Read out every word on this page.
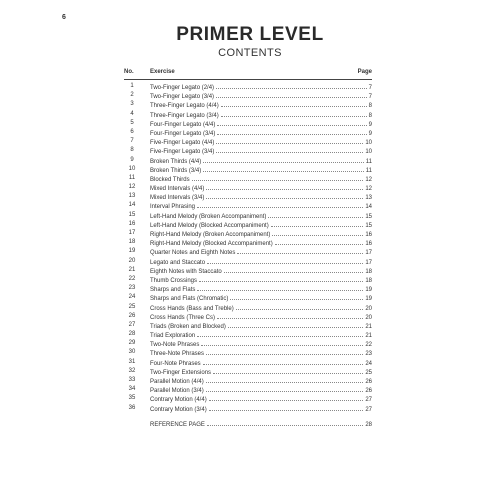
6
PRIMER LEVEL
CONTENTS
No.	Exercise	Page
1	Two-Finger Legato (2/4)	7
2	Two-Finger Legato (3/4)	7
3	Three-Finger Legato (4/4)	8
4	Three-Finger Legato (3/4)	8
5	Four-Finger Legato (4/4)	9
6	Four-Finger Legato (3/4)	9
7	Five-Finger Legato (4/4)	10
8	Five-Finger Legato (3/4)	10
9	Broken Thirds (4/4)	11
10	Broken Thirds (3/4)	11
11	Blocked Thirds	12
12	Mixed Intervals (4/4)	12
13	Mixed Intervals (3/4)	13
14	Interval Phrasing	14
15	Left-Hand Melody (Broken Accompaniment)	15
16	Left-Hand Melody (Blocked Accompaniment)	15
17	Right-Hand Melody (Broken Accompaniment)	16
18	Right-Hand Melody (Blocked Accompaniment)	16
19	Quarter Notes and Eighth Notes	17
20	Legato and Staccato	17
21	Eighth Notes with Staccato	18
22	Thumb Crossings	18
23	Sharps and Flats	19
24	Sharps and Flats (Chromatic)	19
25	Cross Hands (Bass and Treble)	20
26	Cross Hands (Three Cs)	20
27	Triads (Broken and Blocked)	21
28	Triad Exploration	21
29	Two-Note Phrases	22
30	Three-Note Phrases	23
31	Four-Note Phrases	24
32	Two-Finger Extensions	25
33	Parallel Motion (4/4)	26
34	Parallel Motion (3/4)	26
35	Contrary Motion (4/4)	27
36	Contrary Motion (3/4)	27
REFERENCE PAGE	28
